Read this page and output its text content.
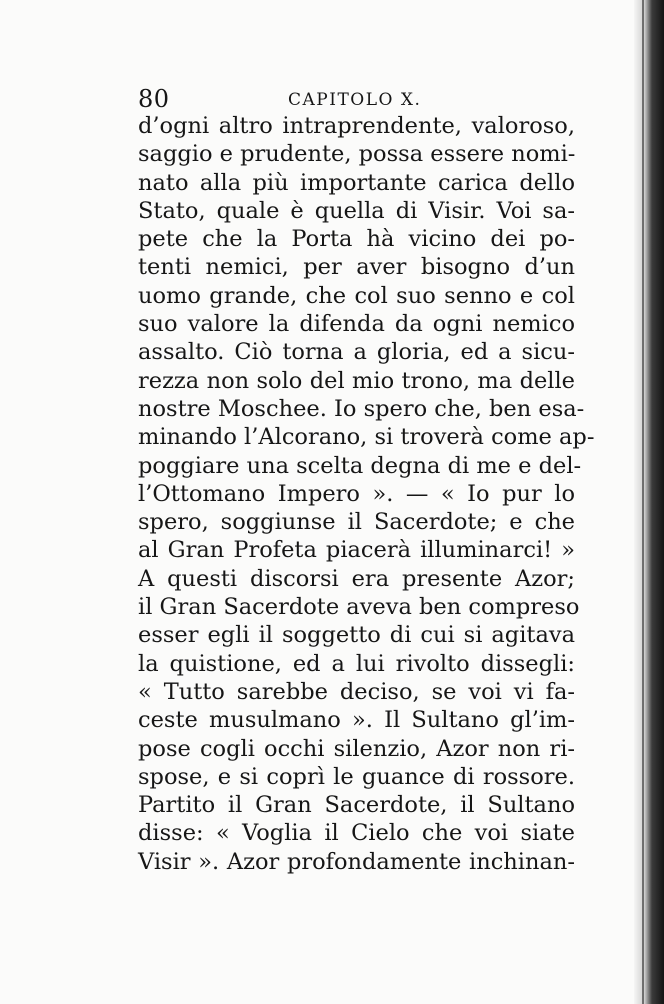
80	CAPITOLO X.
d’ogni altro intraprendente, valoroso,
saggio e prudente, possa essere nomi-
nato alla più importante carica dello
Stato, quale è quella di Visir. Voi sa-
pete che la Porta hà vicino dei po-
tenti nemici, per aver bisogno d’un
uomo grande, che col suo senno e col
suo valore la difenda da ogni nemico
assalto. Ciò torna a gloria, ed a sicu-
rezza non solo del mio trono, ma delle
nostre Moschee. Io spero che, ben esa-
minando l’Alcorano, si troverà come ap-
poggiare una scelta degna di me e del-
l’Ottomano Impero ». — « Io pur lo
spero, soggiunse il Sacerdote; e che
al Gran Profeta piacerà illuminarci! »
A questi discorsi era presente Azor;
il Gran Sacerdote aveva ben compreso
esser egli il soggetto di cui si agitava
la quistione, ed a lui rivolto dissegli:
« Tutto sarebbe deciso, se voi vi fa-
ceste musulmano ». Il Sultano gl’im-
pose cogli occhi silenzio, Azor non ri-
spose, e si coprì le guance di rossore.
Partito il Gran Sacerdote, il Sultano
disse: « Voglia il Cielo che voi siate
Visir ». Azor profondamente inchinan-
